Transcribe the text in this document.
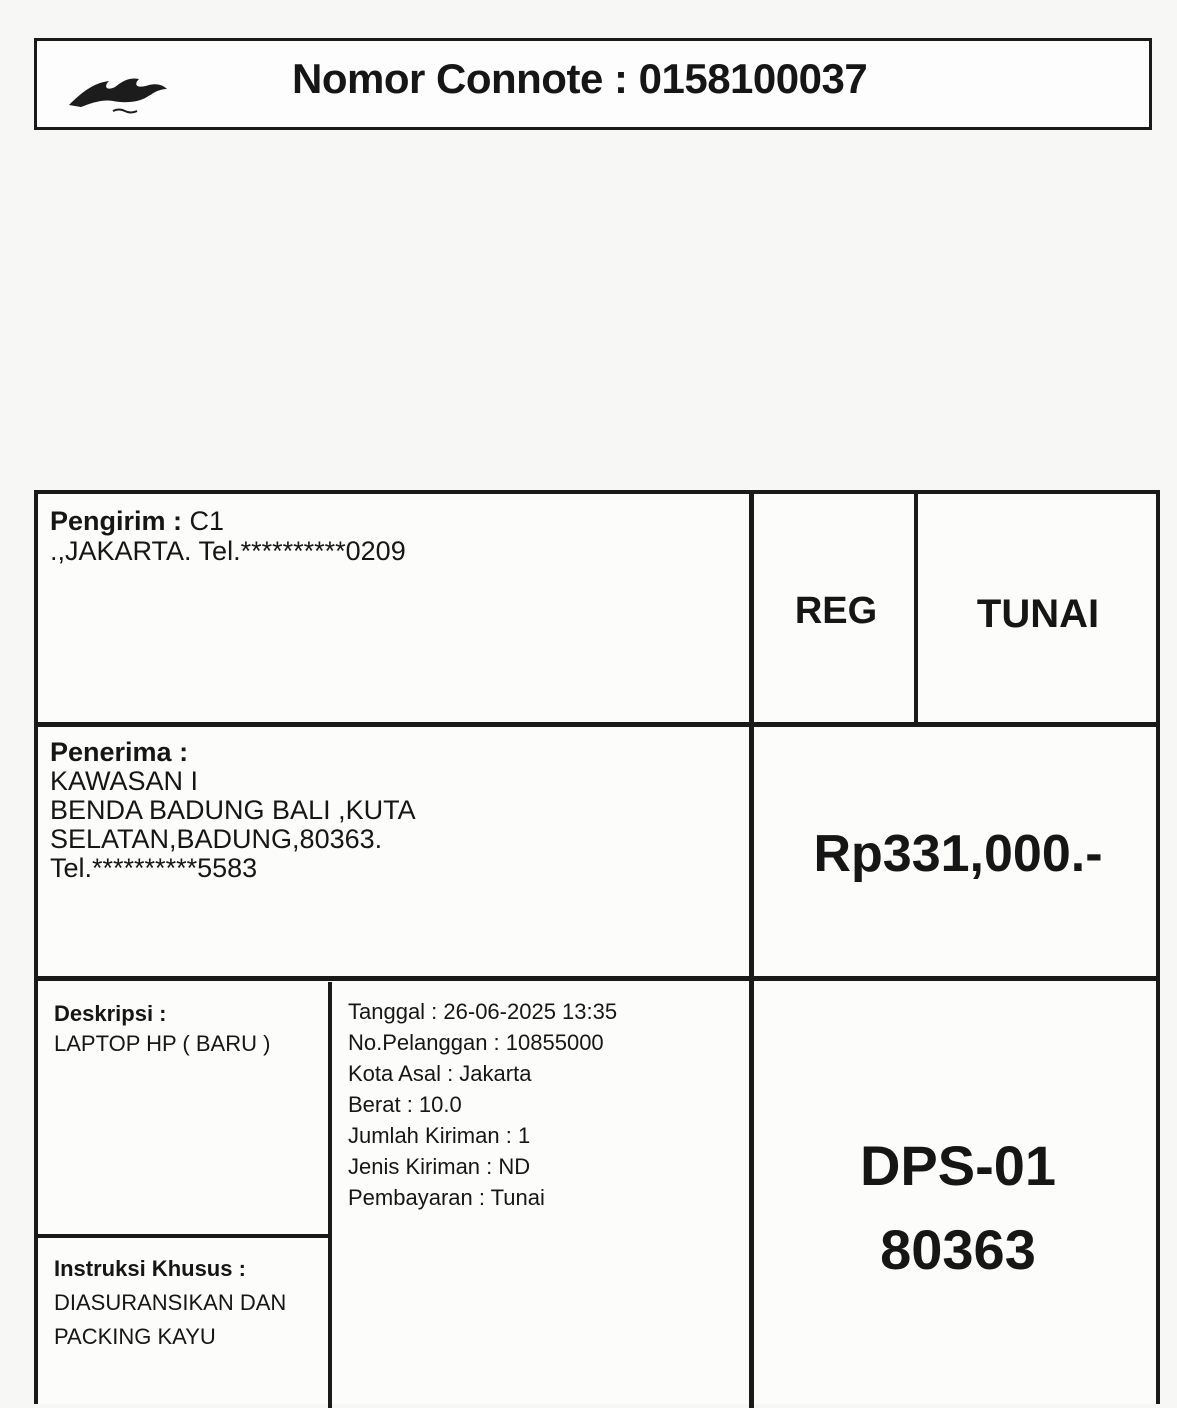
Nomor Connote : 0158100037
Pengirim : C1
.,JAKARTA. Tel.**********0209
REG	TUNAI
Penerima :
KAWASAN I
BENDA BADUNG BALI ,KUTA
SELATAN,BADUNG,80363.
Tel.**********5583	Rp331,000.-
Deskripsi :
LAPTOP HP ( BARU )
Tanggal : 26-06-2025 13:35
No.Pelanggan : 10855000
Kota Asal : Jakarta
Berat : 10.0
Jumlah Kiriman : 1
Jenis Kiriman : ND
Pembayaran : Tunai
Instruksi Khusus :
DIASURANSIKAN DAN
PACKING KAYU
DPS-01
80363
